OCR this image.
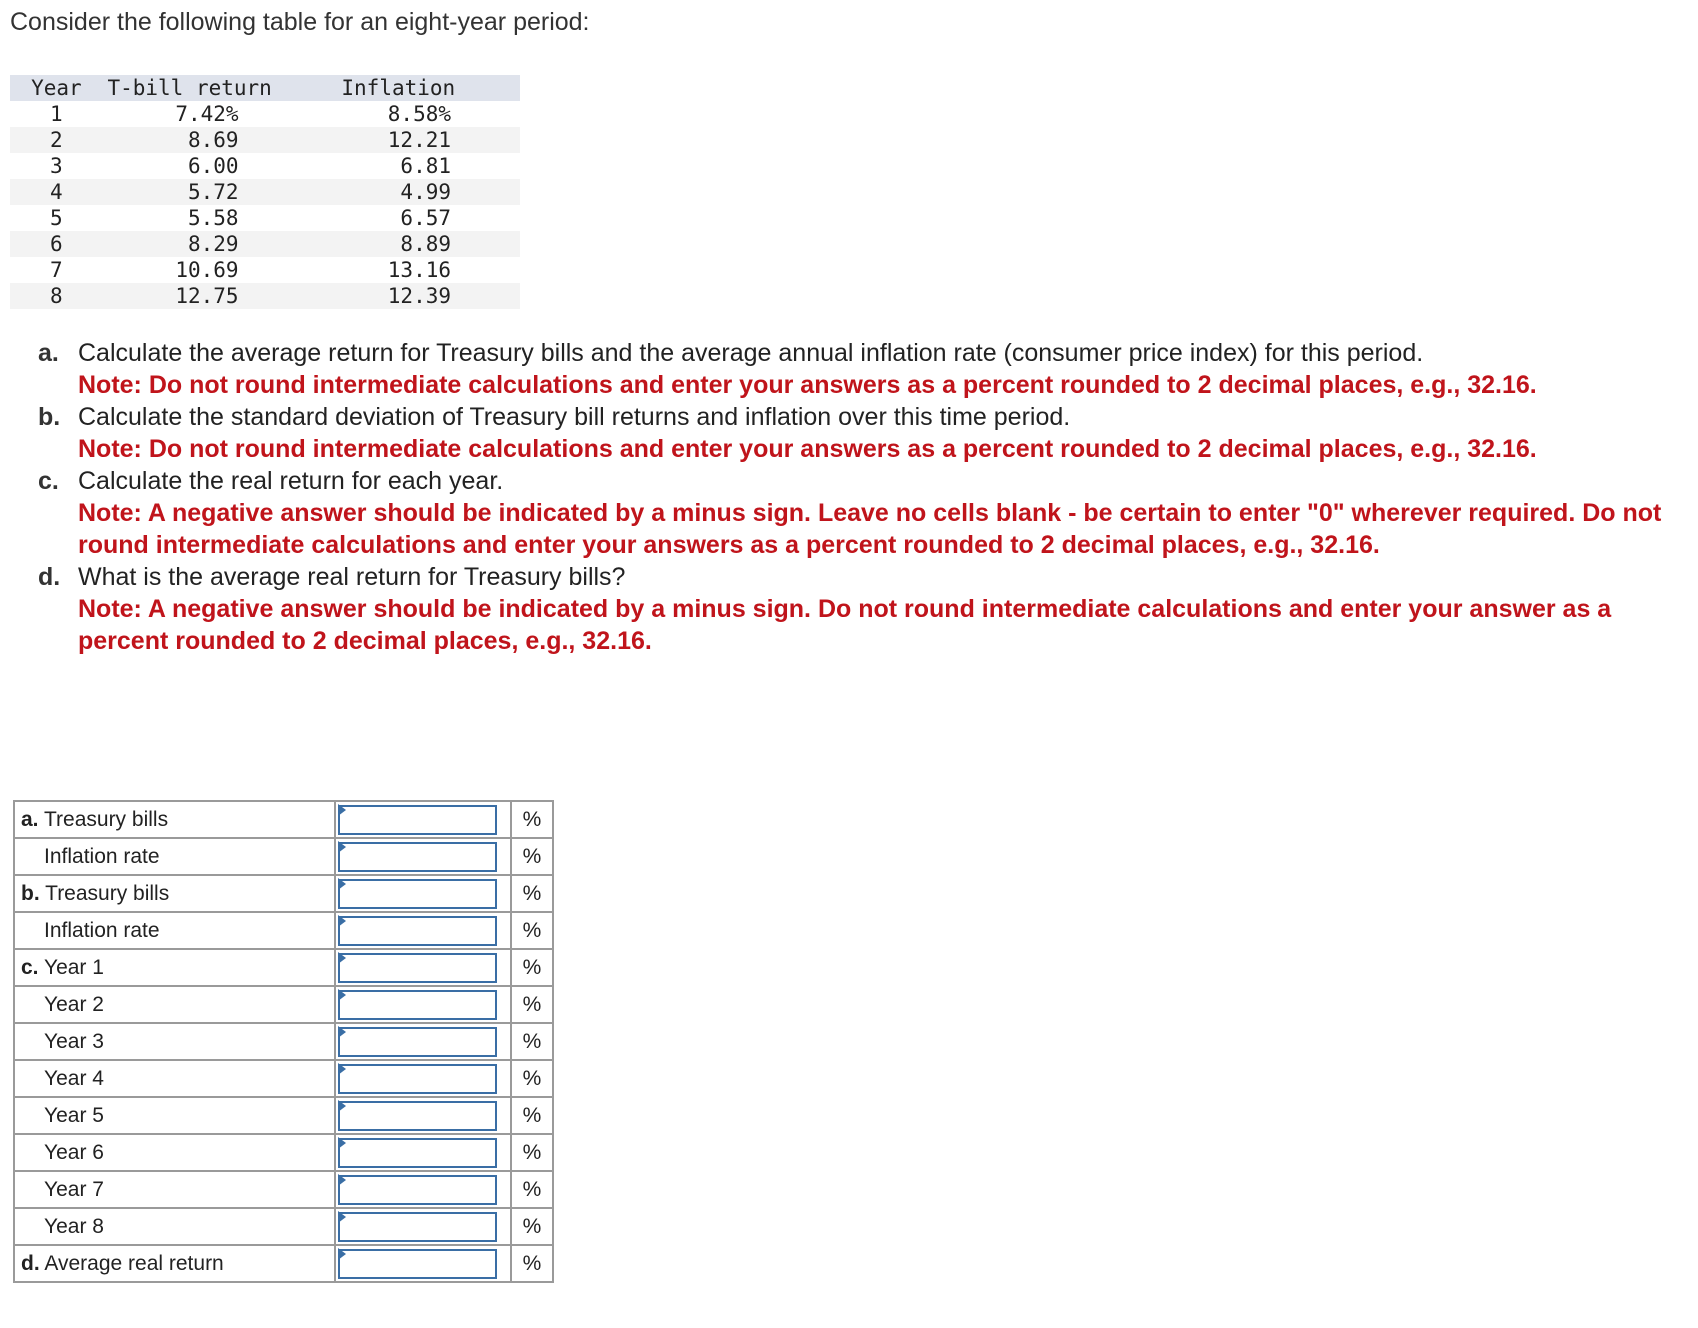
Consider the following table for an eight-year period:
Year	T-bill return	Inflation
1	7.42%	8.58%
2	8.69	12.21
3	6.00	6.81
4	5.72	4.99
5	5.58	6.57
6	8.29	8.89
7	10.69	13.16
8	12.75	12.39
a. Calculate the average return for Treasury bills and the average annual inflation rate (consumer price index) for this period.
Note: Do not round intermediate calculations and enter your answers as a percent rounded to 2 decimal places, e.g., 32.16.
b. Calculate the standard deviation of Treasury bill returns and inflation over this time period.
Note: Do not round intermediate calculations and enter your answers as a percent rounded to 2 decimal places, e.g., 32.16.
c. Calculate the real return for each year.
Note: A negative answer should be indicated by a minus sign. Leave no cells blank - be certain to enter "0" wherever required. Do not round intermediate calculations and enter your answers as a percent rounded to 2 decimal places, e.g., 32.16.
d. What is the average real return for Treasury bills?
Note: A negative answer should be indicated by a minus sign. Do not round intermediate calculations and enter your answer as a percent rounded to 2 decimal places, e.g., 32.16.
a. Treasury bills		%
Inflation rate		%
b. Treasury bills		%
Inflation rate		%
c. Year 1		%
Year 2		%
Year 3		%
Year 4		%
Year 5		%
Year 6		%
Year 7		%
Year 8		%
d. Average real return		%
